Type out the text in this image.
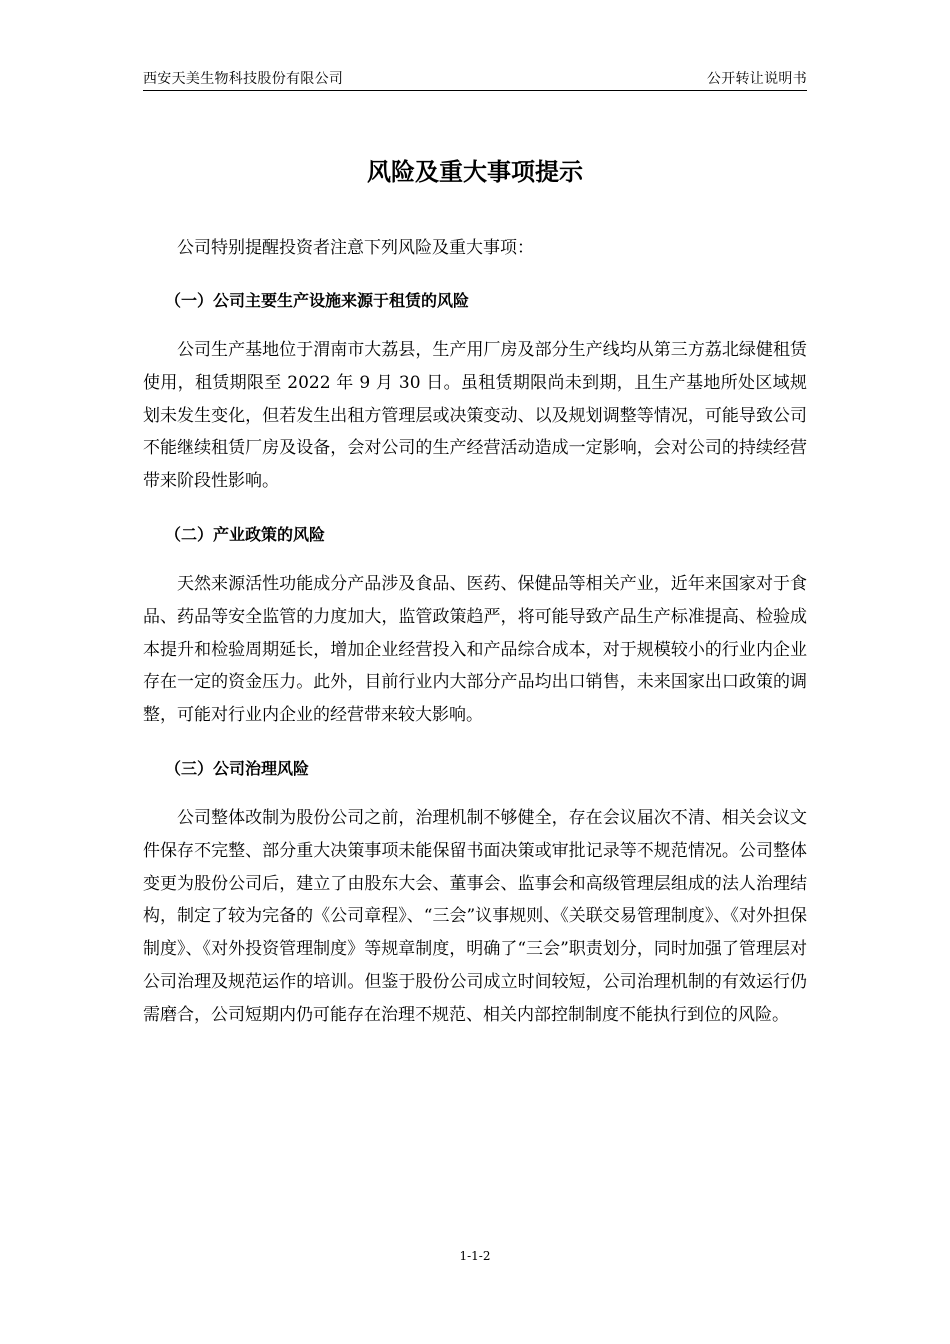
西安天美生物科技股份有限公司	公开转让说明书
风险及重大事项提示

公司特别提醒投资者注意下列风险及重大事项：

（一）公司主要生产设施来源于租赁的风险

公司生产基地位于渭南市大荔县，生产用厂房及部分生产线均从第三方荔北绿健租赁使用，租赁期限至 2022 年 9 月 30 日。虽租赁期限尚未到期，且生产基地所处区域规划未发生变化，但若发生出租方管理层或决策变动、以及规划调整等情况，可能导致公司不能继续租赁厂房及设备，会对公司的生产经营活动造成一定影响，会对公司的持续经营带来阶段性影响。

（二）产业政策的风险

天然来源活性功能成分产品涉及食品、医药、保健品等相关产业，近年来国家对于食品、药品等安全监管的力度加大，监管政策趋严，将可能导致产品生产标准提高、检验成本提升和检验周期延长，增加企业经营投入和产品综合成本，对于规模较小的行业内企业存在一定的资金压力。此外，目前行业内大部分产品均出口销售，未来国家出口政策的调整，可能对行业内企业的经营带来较大影响。

（三）公司治理风险

公司整体改制为股份公司之前，治理机制不够健全，存在会议届次不清、相关会议文件保存不完整、部分重大决策事项未能保留书面决策或审批记录等不规范情况。公司整体变更为股份公司后，建立了由股东大会、董事会、监事会和高级管理层组成的法人治理结构，制定了较为完备的《公司章程》、“三会”议事规则、《关联交易管理制度》、《对外担保制度》、《对外投资管理制度》等规章制度，明确了“三会”职责划分，同时加强了管理层对公司治理及规范运作的培训。但鉴于股份公司成立时间较短，公司治理机制的有效运行仍需磨合，公司短期内仍可能存在治理不规范、相关内部控制制度不能执行到位的风险。

1-1-2
